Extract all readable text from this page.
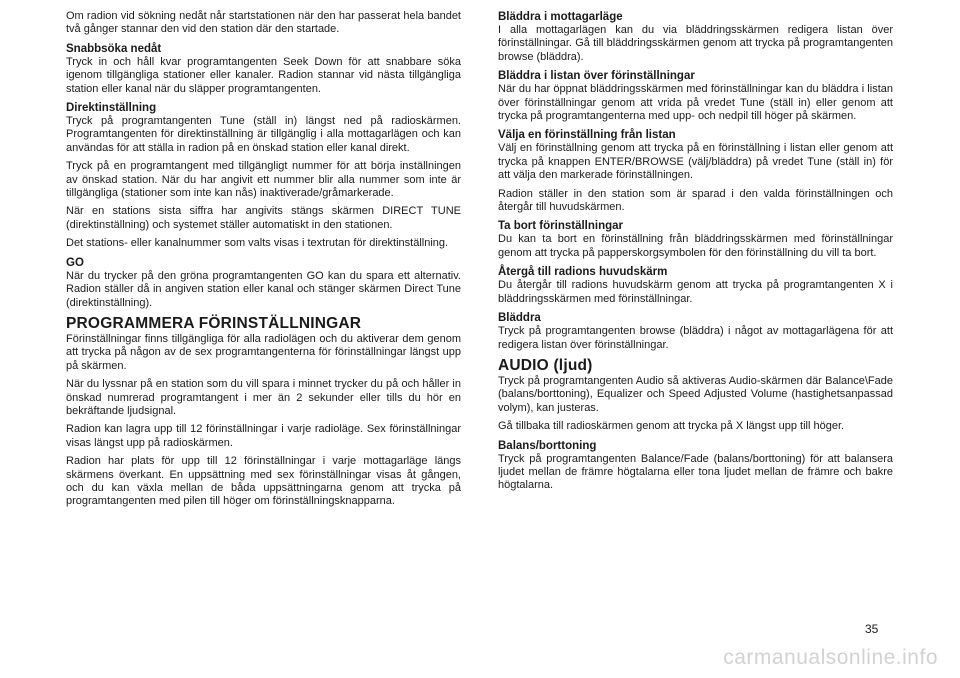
Om radion vid sökning nedåt når startstationen när den har passerat hela bandet två gånger stannar den vid den station där den startade.

Snabbsöka nedåt

Tryck in och håll kvar programtangenten Seek Down för att snabbare söka igenom tillgängliga stationer eller kanaler. Radion stannar vid nästa tillgängliga station eller kanal när du släpper programtangenten.

Direktinställning

Tryck på programtangenten Tune (ställ in) längst ned på radioskärmen. Programtangenten för direktinställning är tillgänglig i alla mottagarlägen och kan användas för att ställa in radion på en önskad station eller kanal direkt.

Tryck på en programtangent med tillgängligt nummer för att börja inställningen av önskad station. När du har angivit ett nummer blir alla nummer som inte är tillgängliga (stationer som inte kan nås) inaktiverade/gråmarkerade.

När en stations sista siffra har angivits stängs skärmen DIRECT TUNE (direktinställning) och systemet ställer automatiskt in den stationen.

Det stations- eller kanalnummer som valts visas i textrutan för direktinställning.

GO

När du trycker på den gröna programtangenten GO kan du spara ett alternativ. Radion ställer då in angiven station eller kanal och stänger skärmen Direct Tune (direktinställning).

PROGRAMMERA FÖRINSTÄLLNINGAR

Förinställningar finns tillgängliga för alla radiolägen och du aktiverar dem genom att trycka på någon av de sex programtangenterna för förinställningar längst upp på skärmen.

När du lyssnar på en station som du vill spara i minnet trycker du på och håller in önskad numrerad programtangent i mer än 2 sekunder eller tills du hör en bekräftande ljudsignal.

Radion kan lagra upp till 12 förinställningar i varje radioläge. Sex förinställningar visas längst upp på radioskärmen.

Radion har plats för upp till 12 förinställningar i varje mottagarläge längs skärmens överkant. En uppsättning med sex förinställningar visas åt gången, och du kan växla mellan de båda uppsättningarna genom att trycka på programtangenten med pilen till höger om förinställningsknapparna.

Bläddra i mottagarläge

I alla mottagarlägen kan du via bläddringsskärmen redigera listan över förinställningar. Gå till bläddringsskärmen genom att trycka på programtangenten browse (bläddra).

Bläddra i listan över förinställningar

När du har öppnat bläddringsskärmen med förinställningar kan du bläddra i listan över förinställningar genom att vrida på vredet Tune (ställ in) eller genom att trycka på programtangenterna med upp- och nedpil till höger på skärmen.

Välja en förinställning från listan

Välj en förinställning genom att trycka på en förinställning i listan eller genom att trycka på knappen ENTER/BROWSE (välj/bläddra) på vredet Tune (ställ in) för att välja den markerade förinställningen.

Radion ställer in den station som är sparad i den valda förinställningen och återgår till huvudskärmen.

Ta bort förinställningar

Du kan ta bort en förinställning från bläddringsskärmen med förinställningar genom att trycka på papperskorgsymbolen för den förinställning du vill ta bort.

Återgå till radions huvudskärm

Du återgår till radions huvudskärm genom att trycka på programtangenten X i bläddringsskärmen med förinställningar.

Bläddra

Tryck på programtangenten browse (bläddra) i något av mottagarlägena för att redigera listan över förinställningar.

AUDIO (ljud)

Tryck på programtangenten Audio så aktiveras Audio-skärmen där Balance\Fade (balans/borttoning), Equalizer och Speed Adjusted Volume (hastighetsanpassad volym), kan justeras.

Gå tillbaka till radioskärmen genom att trycka på X längst upp till höger.

Balans/borttoning

Tryck på programtangenten Balance/Fade (balans/borttoning) för att balansera ljudet mellan de främre högtalarna eller tona ljudet mellan de främre och bakre högtalarna.

35
carmanualsonline.info
